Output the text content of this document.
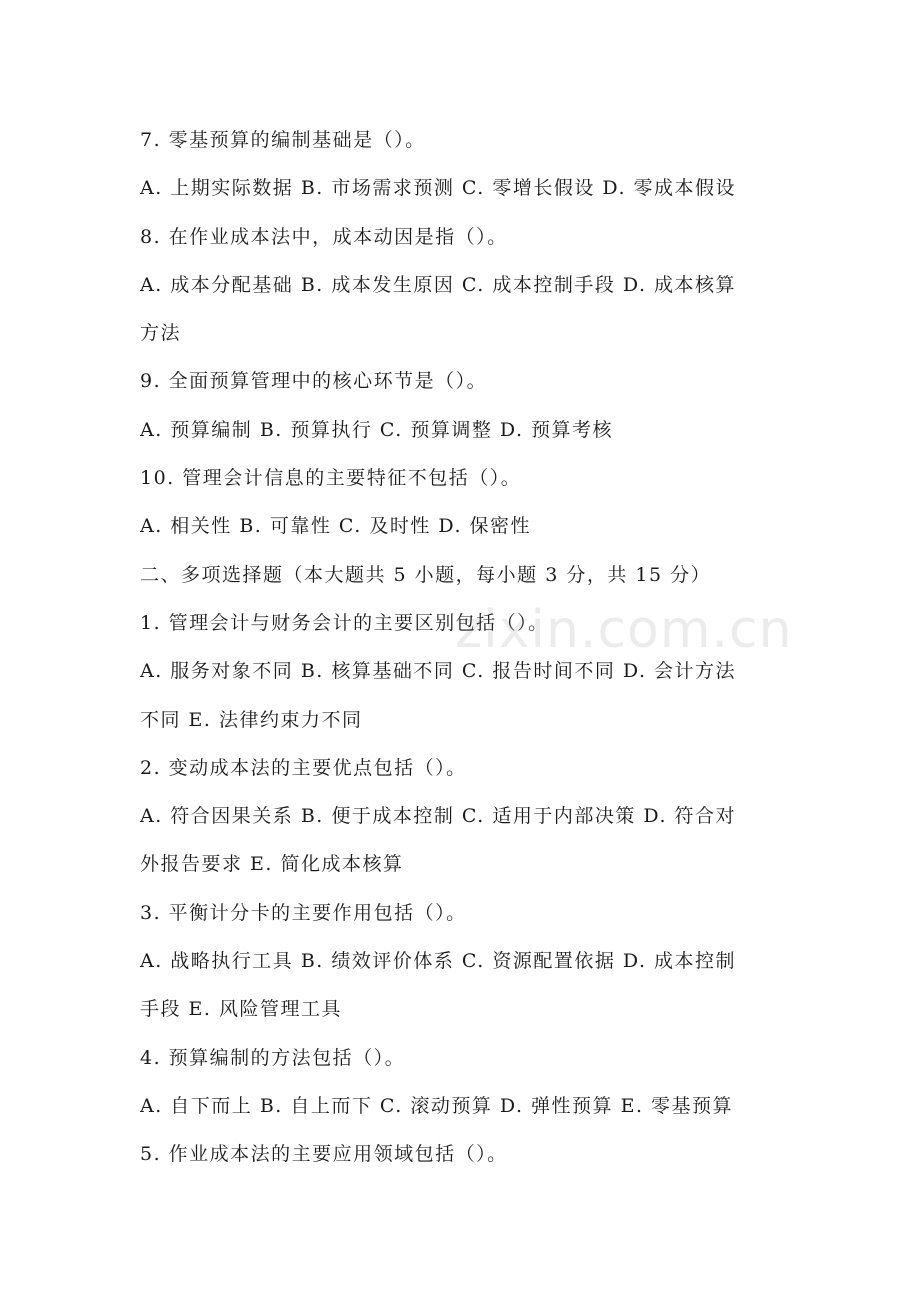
7. 零基预算的编制基础是（）。
A. 上期实际数据 B. 市场需求预测 C. 零增长假设 D. 零成本假设
8. 在作业成本法中，成本动因是指（）。
A. 成本分配基础 B. 成本发生原因 C. 成本控制手段 D. 成本核算
方法
9. 全面预算管理中的核心环节是（）。
A. 预算编制 B. 预算执行 C. 预算调整 D. 预算考核
10. 管理会计信息的主要特征不包括（）。
A. 相关性 B. 可靠性 C. 及时性 D. 保密性
二、多项选择题（本大题共 5 小题，每小题 3 分，共 15 分）
1. 管理会计与财务会计的主要区别包括（）。
A. 服务对象不同 B. 核算基础不同 C. 报告时间不同 D. 会计方法
不同 E. 法律约束力不同
2. 变动成本法的主要优点包括（）。
A. 符合因果关系 B. 便于成本控制 C. 适用于内部决策 D. 符合对
外报告要求 E. 简化成本核算
3. 平衡计分卡的主要作用包括（）。
A. 战略执行工具 B. 绩效评价体系 C. 资源配置依据 D. 成本控制
手段 E. 风险管理工具
4. 预算编制的方法包括（）。
A. 自下而上 B. 自上而下 C. 滚动预算 D. 弹性预算 E. 零基预算
5. 作业成本法的主要应用领域包括（）。
zixin.com.cn
